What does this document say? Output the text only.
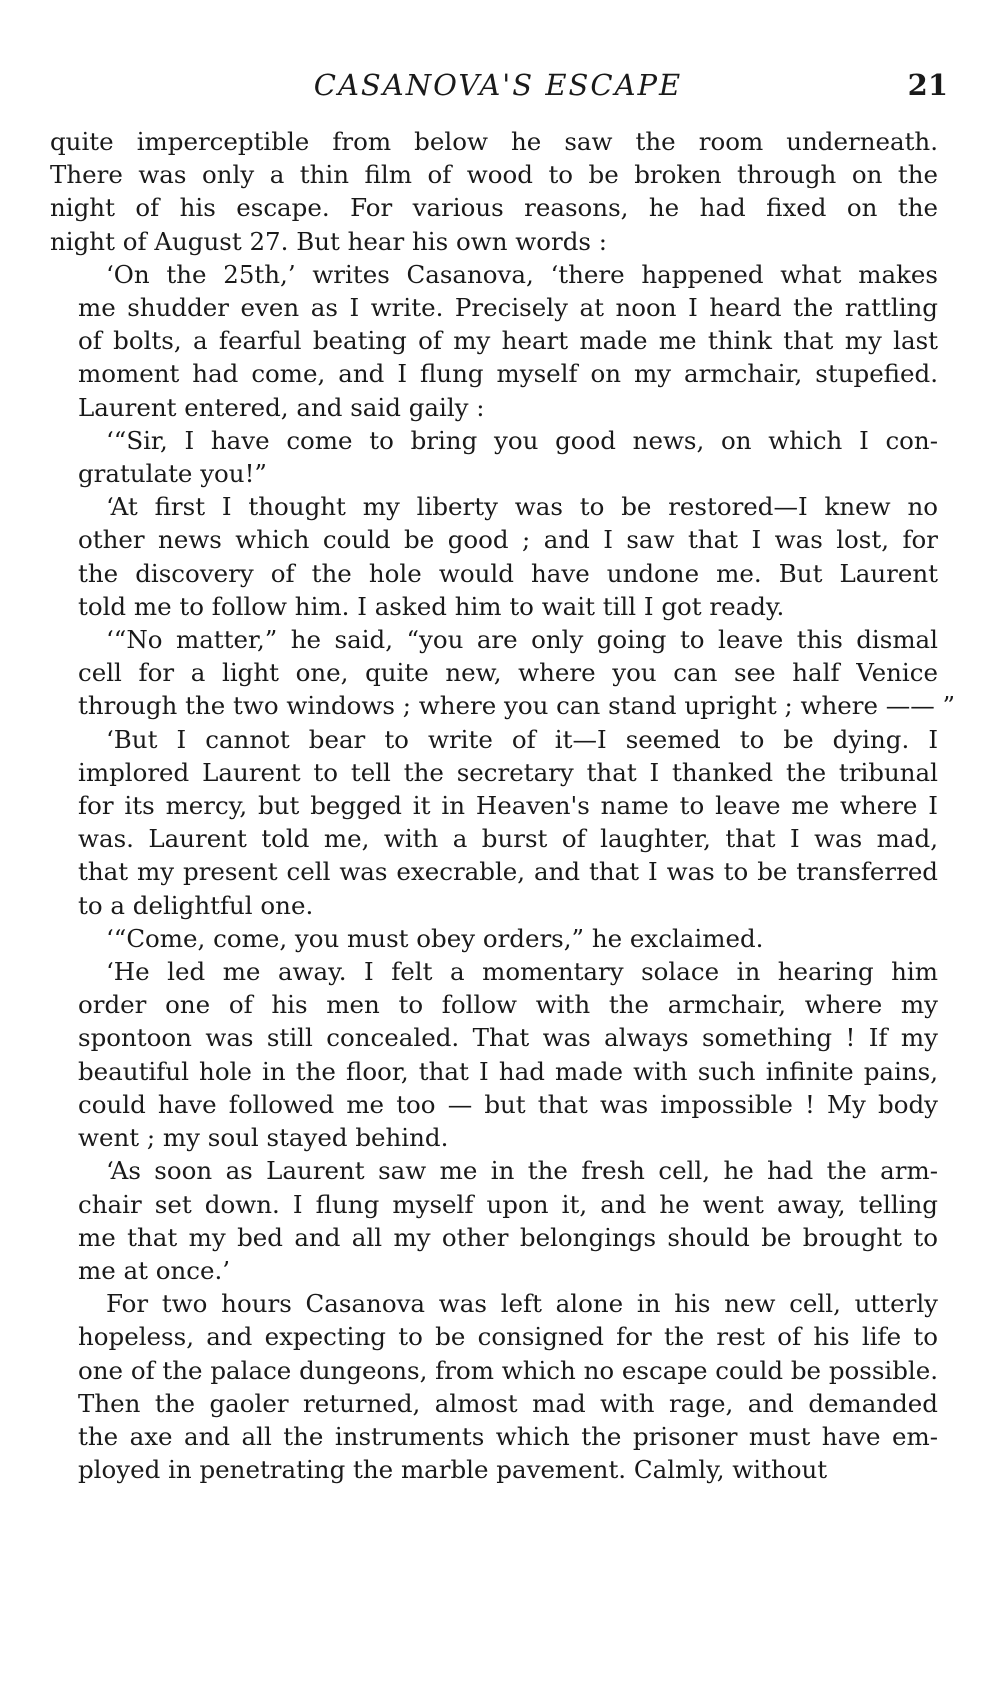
CASANOVA'S ESCAPE	21

quite imperceptible from below he saw the room underneath.
There was only a thin film of wood to be broken through on the
night of his escape. For various reasons, he had fixed on the
night of August 27. But hear his own words :

‘On the 25th,’ writes Casanova, ‘there happened what makes
me shudder even as I write. Precisely at noon I heard the rattling
of bolts, a fearful beating of my heart made me think that my last
moment had come, and I flung myself on my armchair, stupefied.
Laurent entered, and said gaily :

‘“Sir, I have come to bring you good news, on which I con-
gratulate you!”

‘At first I thought my liberty was to be restored—I knew no
other news which could be good ; and I saw that I was lost, for
the discovery of the hole would have undone me. But Laurent
told me to follow him. I asked him to wait till I got ready.

‘“No matter,” he said, “you are only going to leave this dismal
cell for a light one, quite new, where you can see half Venice
through the two windows ; where you can stand upright ; where —— ”

‘But I cannot bear to write of it—I seemed to be dying. I
implored Laurent to tell the secretary that I thanked the tribunal
for its mercy, but begged it in Heaven's name to leave me where I
was. Laurent told me, with a burst of laughter, that I was mad,
that my present cell was execrable, and that I was to be transferred
to a delightful one.

‘“Come, come, you must obey orders,” he exclaimed.

‘He led me away. I felt a momentary solace in hearing him
order one of his men to follow with the armchair, where my
spontoon was still concealed. That was always something ! If my
beautiful hole in the floor, that I had made with such infinite pains,
could have followed me too — but that was impossible ! My body
went ; my soul stayed behind.

‘As soon as Laurent saw me in the fresh cell, he had the arm-
chair set down. I flung myself upon it, and he went away, telling
me that my bed and all my other belongings should be brought to
me at once.’

For two hours Casanova was left alone in his new cell, utterly
hopeless, and expecting to be consigned for the rest of his life to
one of the palace dungeons, from which no escape could be possible.
Then the gaoler returned, almost mad with rage, and demanded
the axe and all the instruments which the prisoner must have em-
ployed in penetrating the marble pavement. Calmly, without
